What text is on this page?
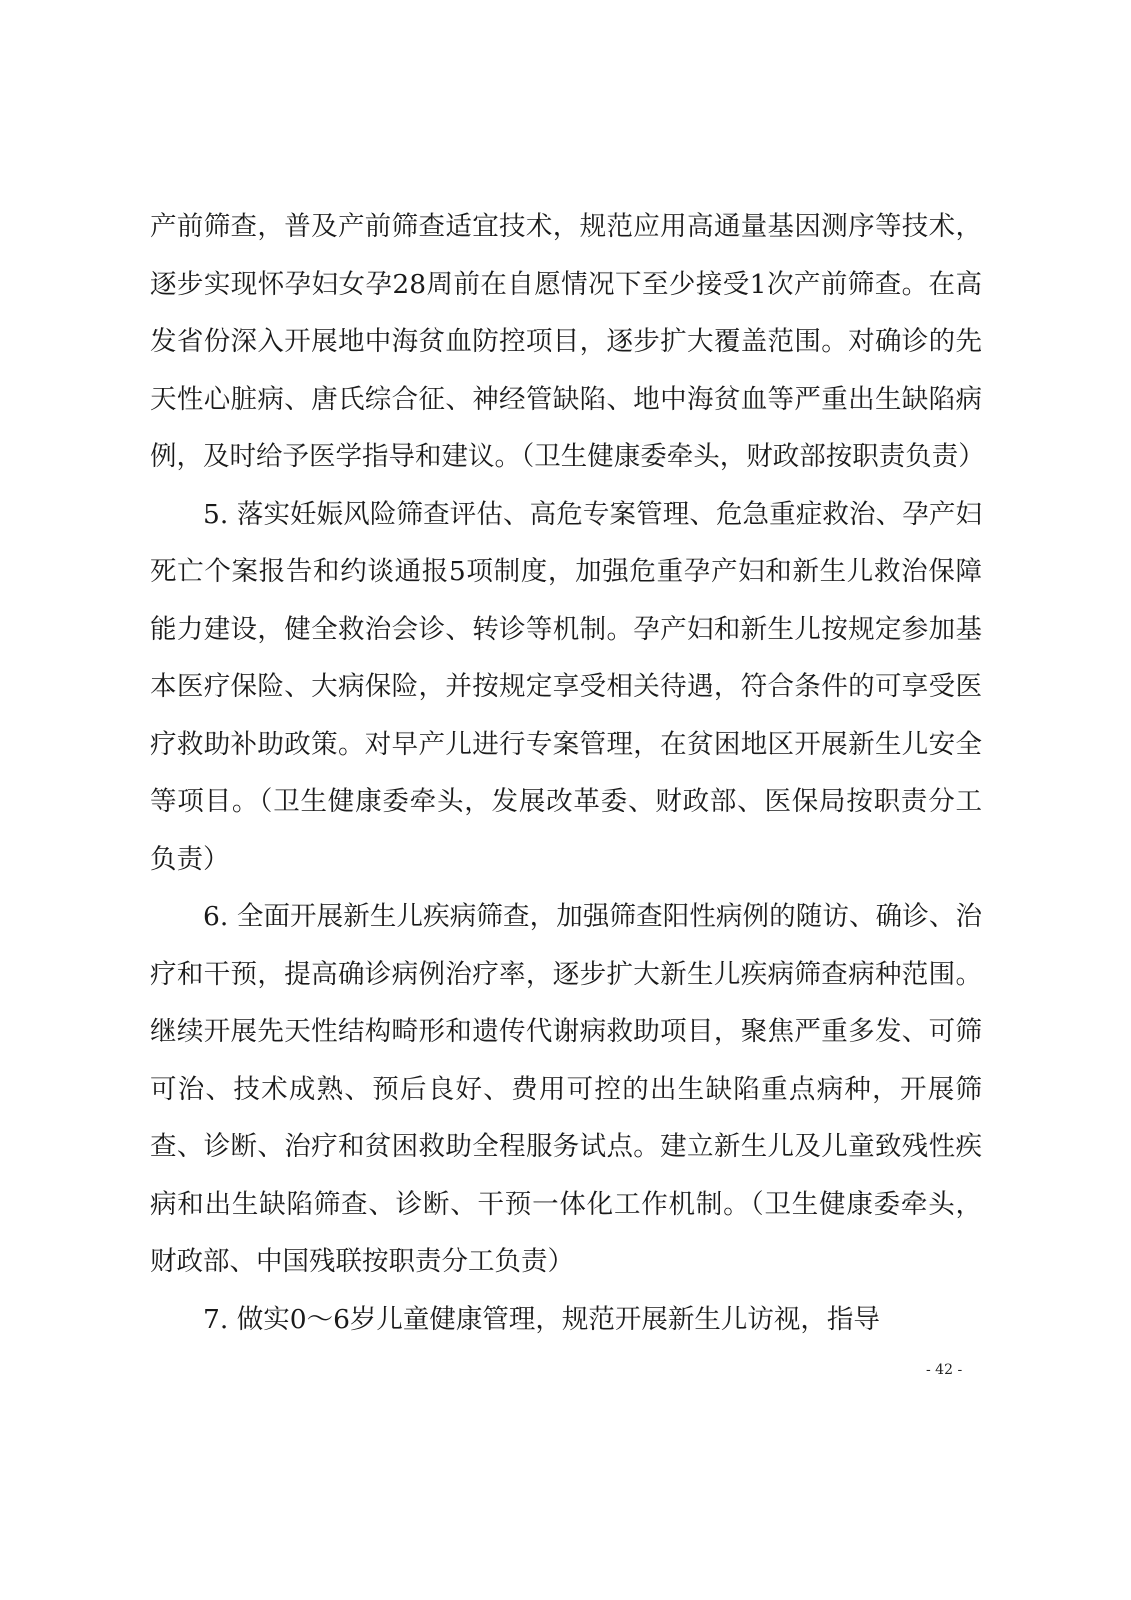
产前筛查，普及产前筛查适宜技术，规范应用高通量基因测序等技术，逐步实现怀孕妇女孕28周前在自愿情况下至少接受1次产前筛查。在高发省份深入开展地中海贫血防控项目，逐步扩大覆盖范围。对确诊的先天性心脏病、唐氏综合征、神经管缺陷、地中海贫血等严重出生缺陷病例，及时给予医学指导和建议。（卫生健康委牵头，财政部按职责负责）

5. 落实妊娠风险筛查评估、高危专案管理、危急重症救治、孕产妇死亡个案报告和约谈通报5项制度，加强危重孕产妇和新生儿救治保障能力建设，健全救治会诊、转诊等机制。孕产妇和新生儿按规定参加基本医疗保险、大病保险，并按规定享受相关待遇，符合条件的可享受医疗救助补助政策。对早产儿进行专案管理，在贫困地区开展新生儿安全等项目。（卫生健康委牵头，发展改革委、财政部、医保局按职责分工负责）

6. 全面开展新生儿疾病筛查，加强筛查阳性病例的随访、确诊、治疗和干预，提高确诊病例治疗率，逐步扩大新生儿疾病筛查病种范围。继续开展先天性结构畸形和遗传代谢病救助项目，聚焦严重多发、可筛可治、技术成熟、预后良好、费用可控的出生缺陷重点病种，开展筛查、诊断、治疗和贫困救助全程服务试点。建立新生儿及儿童致残性疾病和出生缺陷筛查、诊断、干预一体化工作机制。（卫生健康委牵头，财政部、中国残联按职责分工负责）

7. 做实0～6岁儿童健康管理，规范开展新生儿访视，指导

- 42 -
